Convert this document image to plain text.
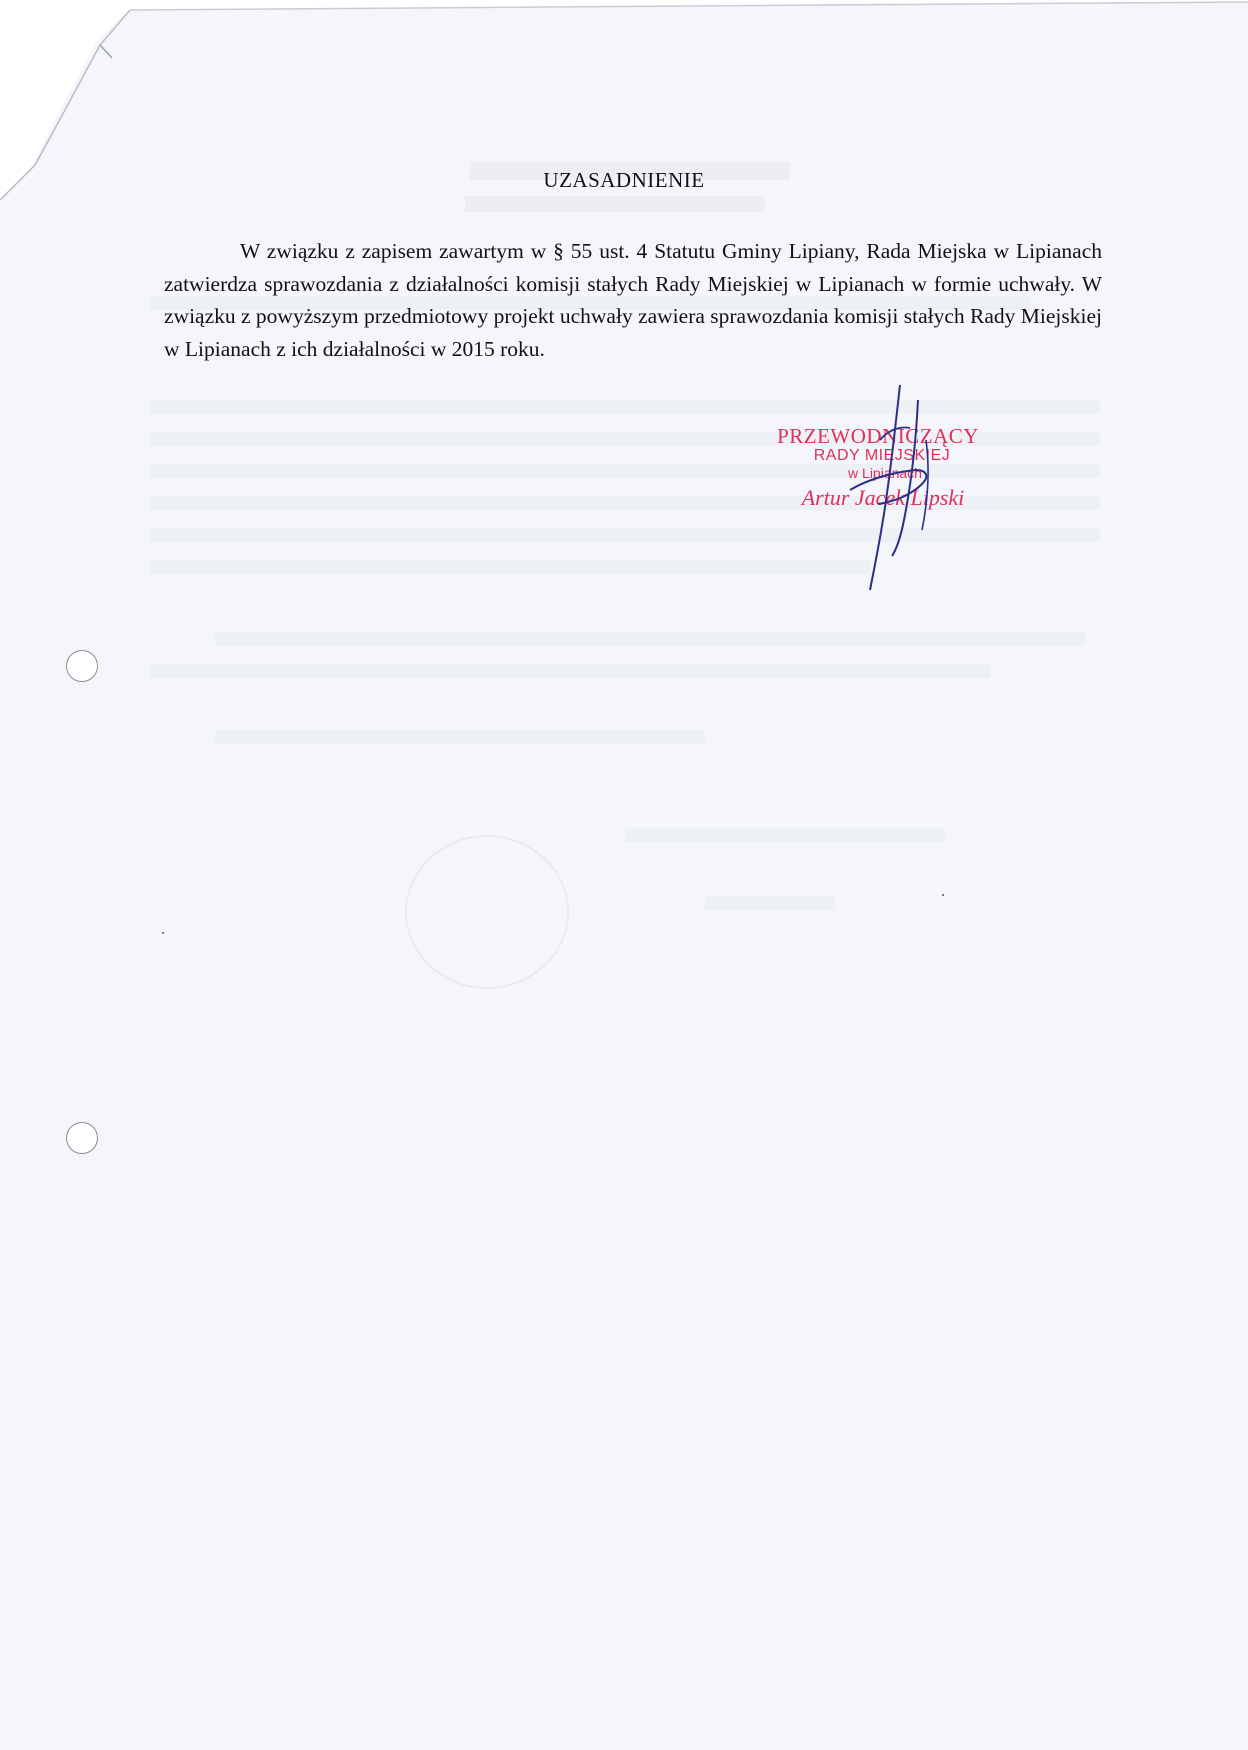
UZASADNIENIE

W związku z zapisem zawartym w § 55 ust. 4 Statutu Gminy Lipiany, Rada Miejska w Lipianach zatwierdza sprawozdania z działalności komisji stałych Rady Miejskiej w Lipianach w formie uchwały. W związku z powyższym przedmiotowy projekt uchwały zawiera sprawozdania komisji stałych Rady Miejskiej w Lipianach z ich działalności w 2015 roku.

PRZEWODNICZĄCY
RADY MIEJSKIEJ
w Lipianach
Artur Jacek Lipski
